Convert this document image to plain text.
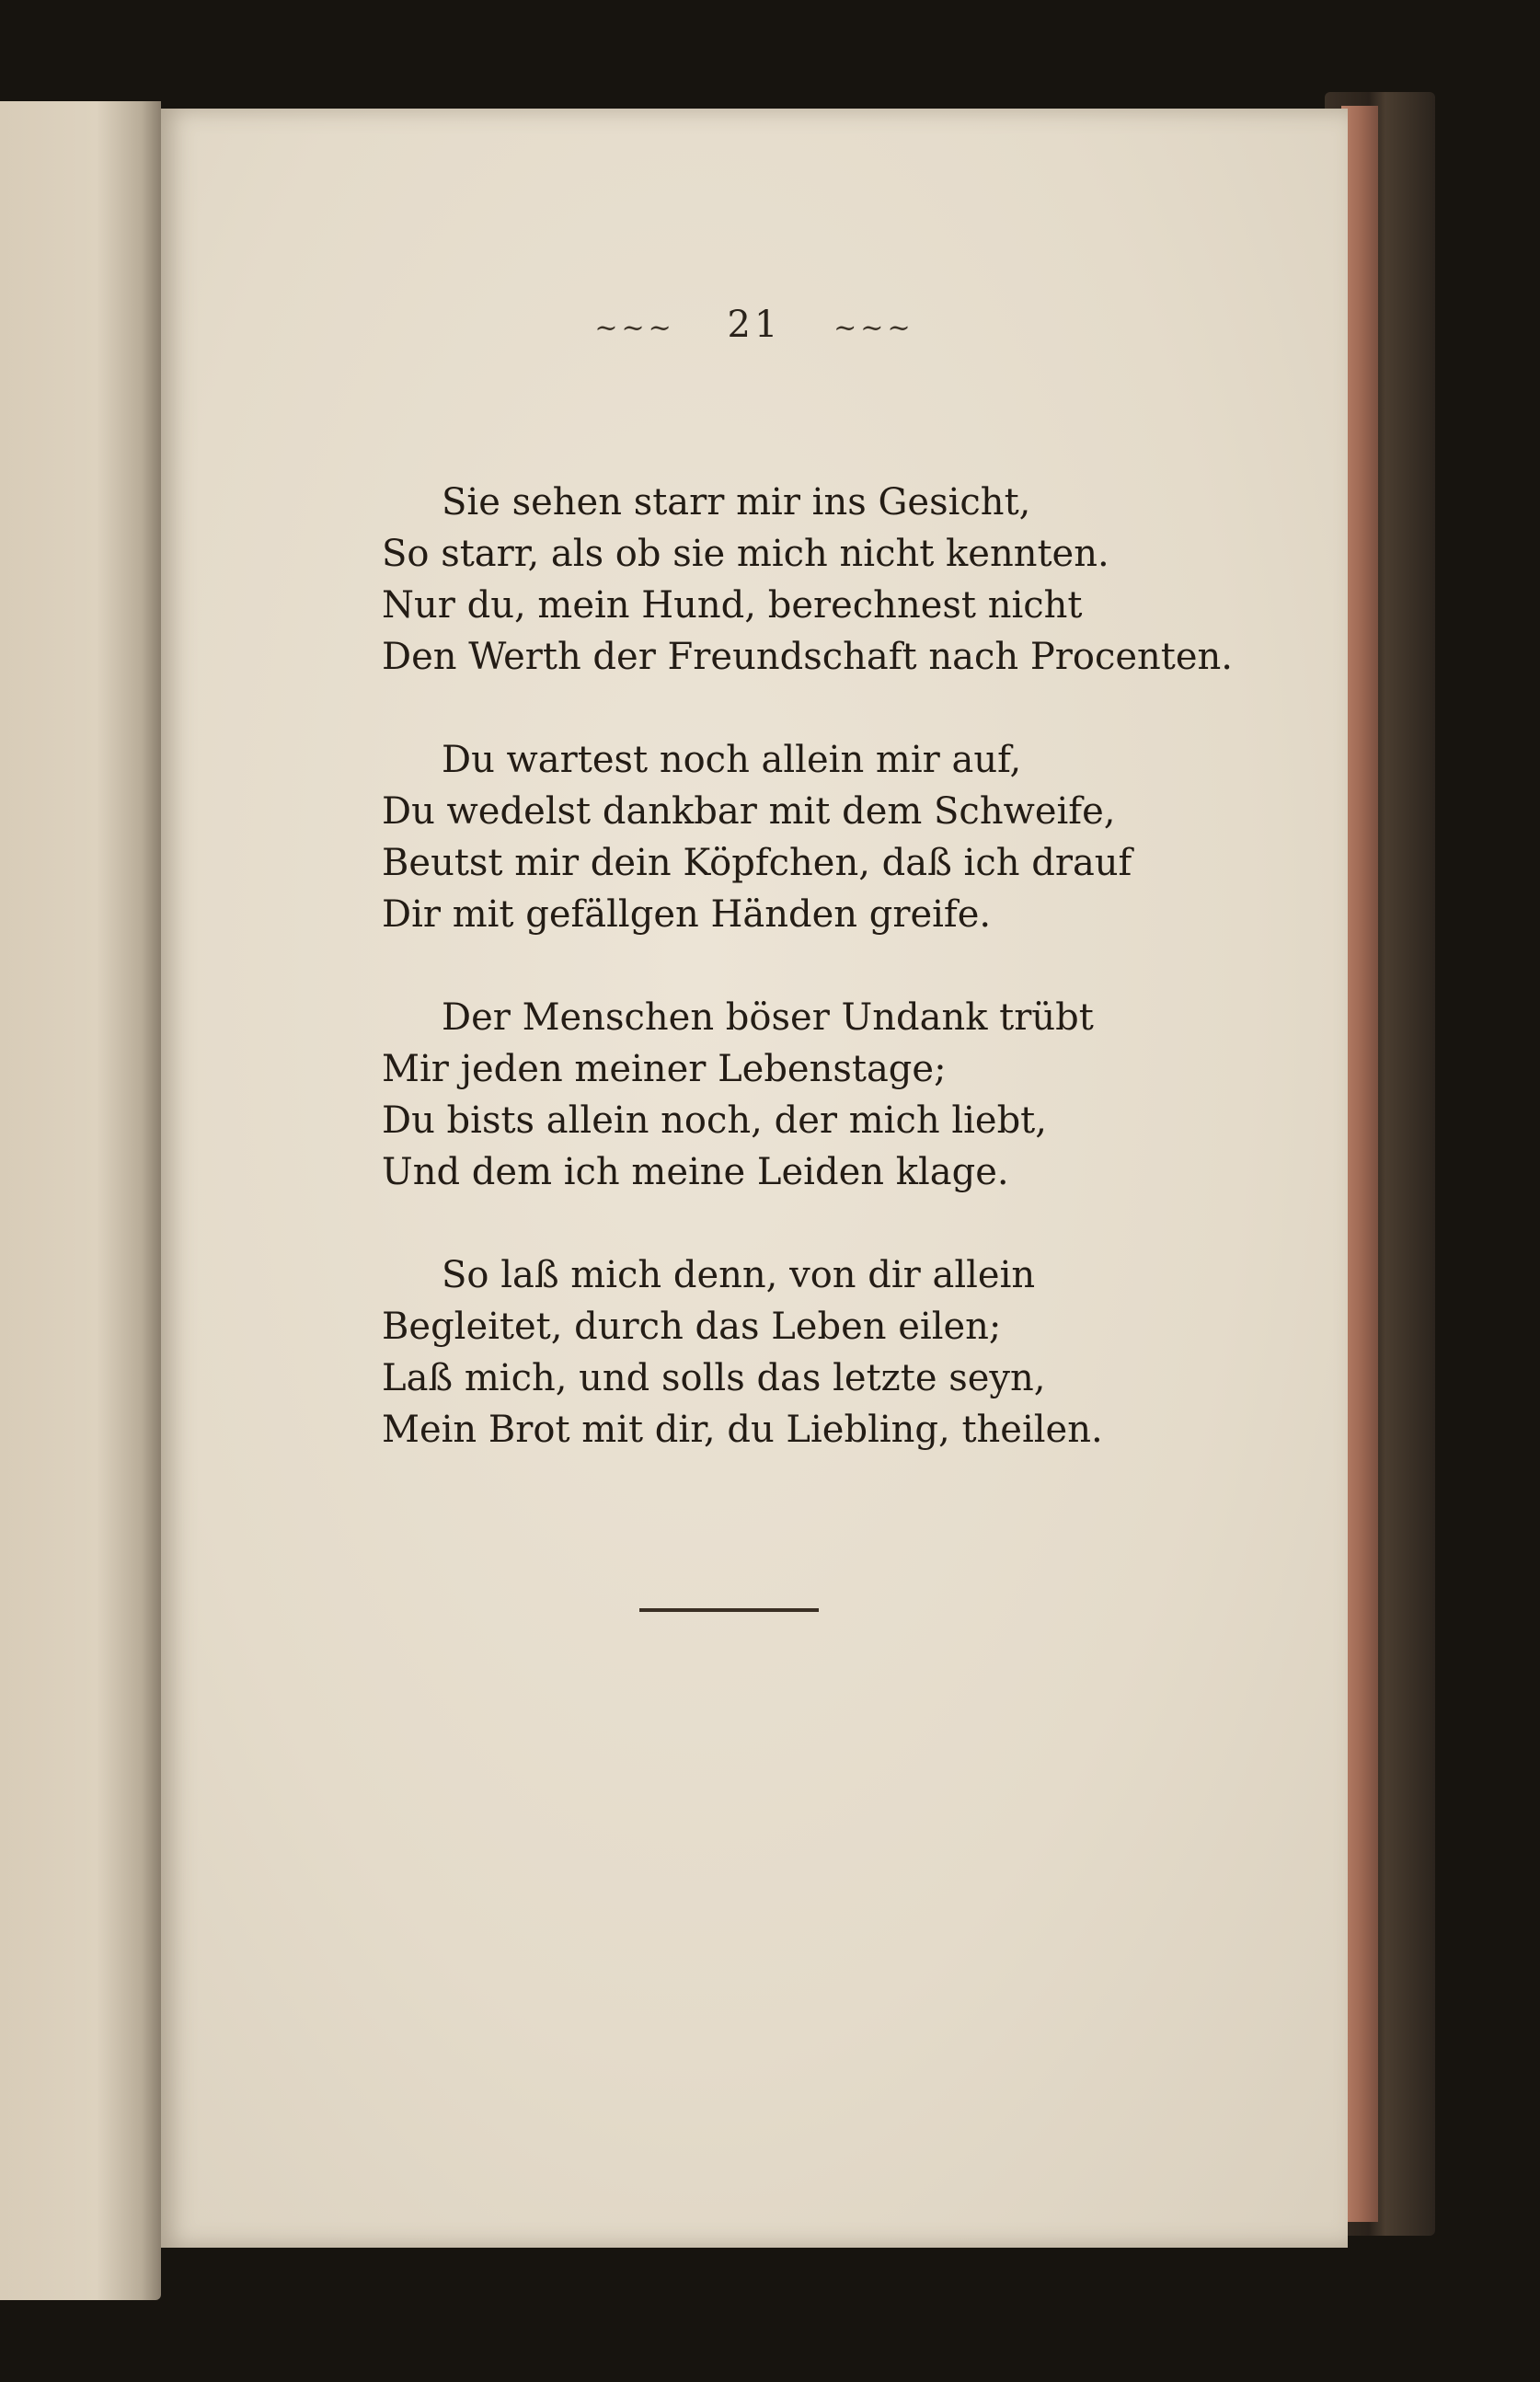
~~~ 21 ~~~
Sie sehen starr mir ins Gesicht,
So starr, als ob sie mich nicht kennten.
Nur du, mein Hund, berechnest nicht
Den Werth der Freundschaft nach Procenten.
Du wartest noch allein mir auf,
Du wedelst dankbar mit dem Schweife,
Beutst mir dein Köpfchen, daß ich drauf
Dir mit gefällgen Händen greife.
Der Menschen böser Undank trübt
Mir jeden meiner Lebenstage;
Du bists allein noch, der mich liebt,
Und dem ich meine Leiden klage.
So laß mich denn, von dir allein
Begleitet, durch das Leben eilen;
Laß mich, und solls das letzte seyn,
Mein Brot mit dir, du Liebling, theilen.
